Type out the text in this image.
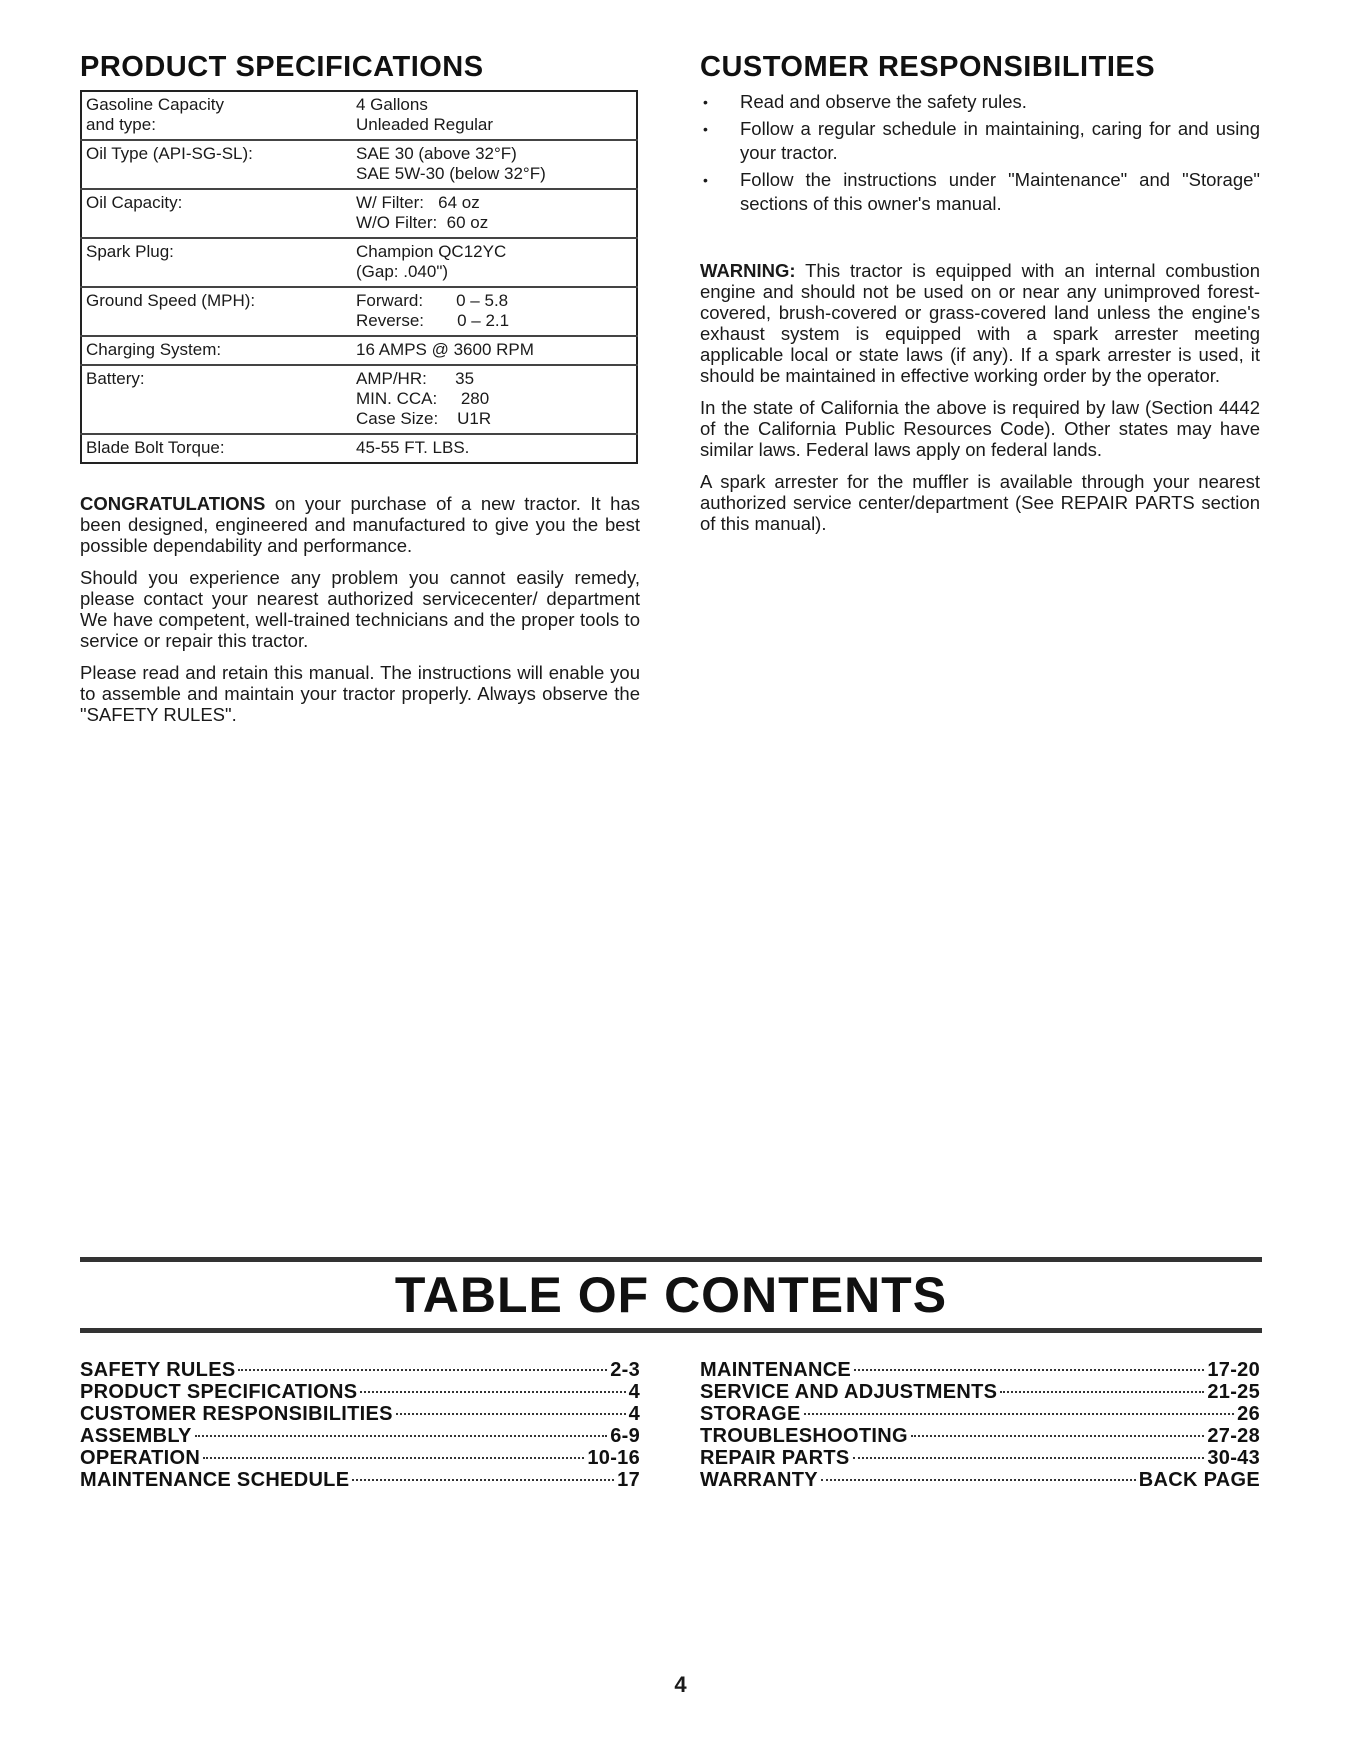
PRODUCT SPECIFICATIONS
Gasoline Capacity
and type:	4 Gallons
Unleaded Regular
Oil Type (API-SG-SL):	SAE 30 (above 32°F)
SAE 5W-30 (below 32°F)
Oil Capacity:	W/ Filter:   64 oz
W/O Filter:  60 oz
Spark Plug:	Champion QC12YC
(Gap: .040")
Ground Speed (MPH):	Forward:       0 – 5.8
Reverse:       0 – 2.1
Charging System:	16 AMPS @ 3600 RPM
Battery:	AMP/HR:      35
MIN. CCA:     280
Case Size:    U1R
Blade Bolt Torque:	45-55 FT. LBS.

CONGRATULATIONS on your purchase of a new tractor. It has been designed, engineered and manufactured to give you the best possible dependability and performance.

Should you experience any problem you cannot easily remedy, please contact your nearest authorized servicecenter/ department We have competent, well-trained technicians and the proper tools to service or repair this tractor.

Please read and retain this manual. The instructions will enable you to assemble and maintain your tractor properly. Always observe the "SAFETY RULES".

CUSTOMER RESPONSIBILITIES
• Read and observe the safety rules.
• Follow a regular schedule in maintaining, caring for and using your tractor.
• Follow the instructions under "Maintenance" and "Storage" sections of this owner's manual.

WARNING: This tractor is equipped with an internal combustion engine and should not be used on or near any unimproved forest-covered, brush-covered or grass-covered land unless the engine's exhaust system is equipped with a spark arrester meeting applicable local or state laws (if any). If a spark arrester is used, it should be maintained in effective working order by the operator.

In the state of California the above is required by law (Section 4442 of the California Public Resources Code). Other states may have similar laws. Federal laws apply on federal lands.

A spark arrester for the muffler is available through your nearest authorized service center/department (See REPAIR PARTS section of this manual).

TABLE OF CONTENTS
SAFETY RULES	2-3
PRODUCT SPECIFICATIONS	4
CUSTOMER RESPONSIBILITIES	4
ASSEMBLY	6-9
OPERATION	10-16
MAINTENANCE SCHEDULE	17
MAINTENANCE	17-20
SERVICE AND ADJUSTMENTS	21-25
STORAGE	26
TROUBLESHOOTING	27-28
REPAIR PARTS	30-43
WARRANTY	BACK PAGE
4
